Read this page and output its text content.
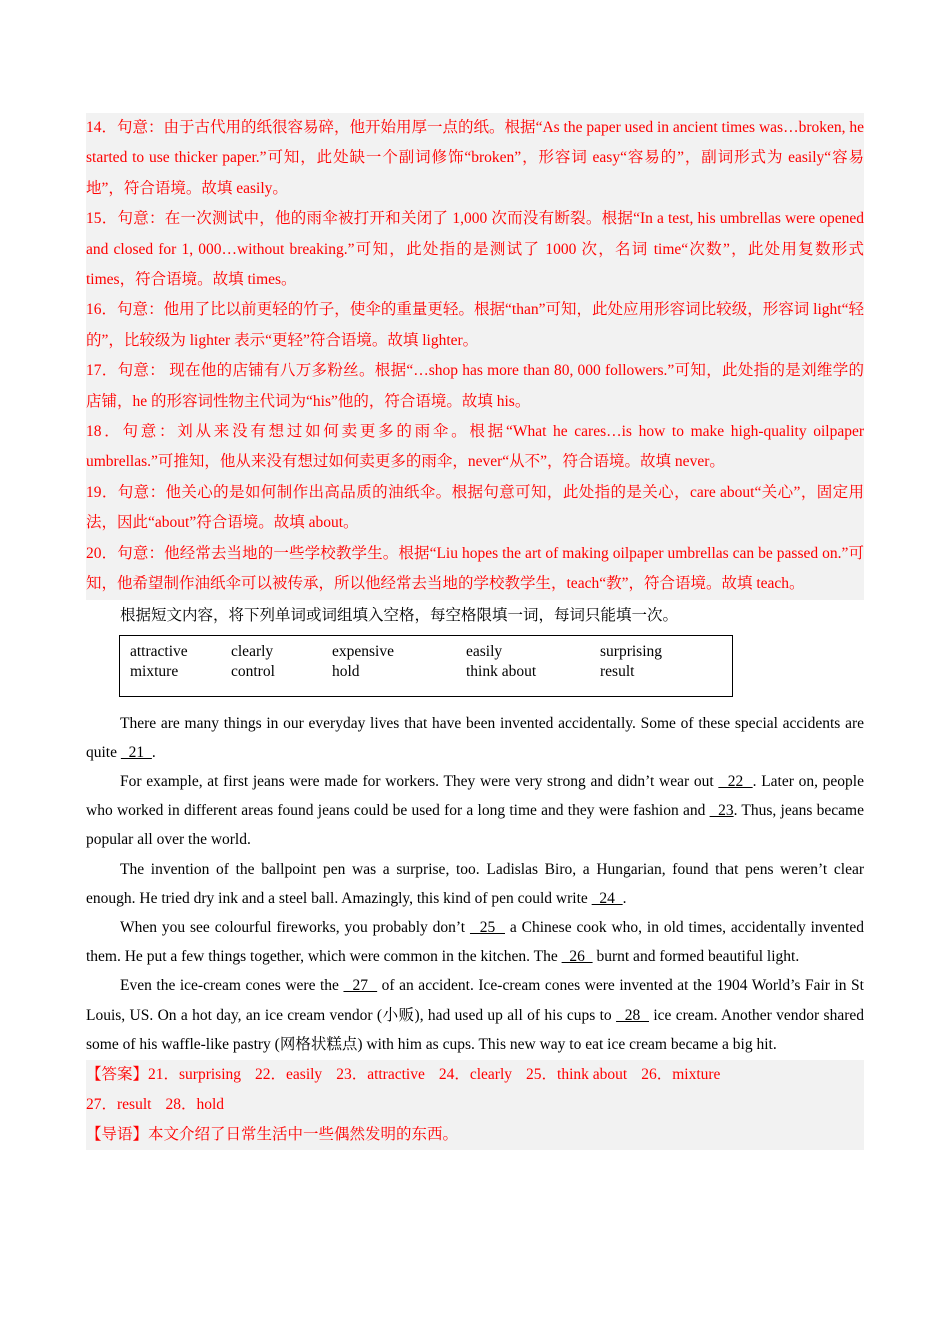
14．句意：由于古代用的纸很容易碎，他开始用厚一点的纸。根据“As the paper used in ancient times was…broken, he started to use thicker paper.”可知，此处缺一个副词修饰“broken”，形容词 easy“容易的”，副词形式为 easily“容易地”，符合语境。故填 easily。

15．句意：在一次测试中，他的雨伞被打开和关闭了 1,000 次而没有断裂。根据“In a test, his umbrellas were opened and closed for 1, 000…without breaking.”可知，此处指的是测试了 1000 次，名词 time“次数”，此处用复数形式 times，符合语境。故填 times。

16．句意：他用了比以前更轻的竹子，使伞的重量更轻。根据“than”可知，此处应用形容词比较级，形容词 light“轻的”，比较级为 lighter 表示“更轻”符合语境。故填 lighter。

17．句意： 现在他的店铺有八万多粉丝。根据“…shop has more than 80, 000 followers.”可知，此处指的是刘维学的店铺，he 的形容词性物主代词为“his”他的，符合语境。故填 his。

18．句意：刘从来没有想过如何卖更多的雨伞。根据“What he cares…is how to make high-quality oilpaper umbrellas.”可推知，他从来没有想过如何卖更多的雨伞，never“从不”，符合语境。故填 never。

19．句意：他关心的是如何制作出高品质的油纸伞。根据句意可知，此处指的是关心，care about“关心”，固定用法，因此“about”符合语境。故填 about。

20．句意：他经常去当地的一些学校教学生。根据“Liu hopes the art of making oilpaper umbrellas can be passed on.”可知，他希望制作油纸伞可以被传承，所以他经常去当地的学校教学生，teach“教”，符合语境。故填 teach。

根据短文内容，将下列单词或词组填入空格，每空格限填一词，每词只能填一次。

attractive	clearly	expensive	easily	surprising
mixture	control	hold	think about	result

There are many things in our everyday lives that have been invented accidentally. Some of these special accidents are quite   21  .

For example, at first jeans were made for workers. They were very strong and didn’t wear out   22  . Later on, people who worked in different areas found jeans could be used for a long time and they were fashion and   23. Thus, jeans became popular all over the world.

The invention of the ballpoint pen was a surprise, too. Ladislas Biro, a Hungarian, found that pens weren’t clear enough. He tried dry ink and a steel ball. Amazingly, this kind of pen could write   24  .

When you see colourful fireworks, you probably don’t   25   a Chinese cook who, in old times, accidentally invented them. He put a few things together, which were common in the kitchen. The   26   burnt and formed beautiful light.

Even the ice-cream cones were the   27   of an accident. Ice-cream cones were invented at the 1904 World’s Fair in St Louis, US. On a hot day, an ice cream vendor (小贩), had used up all of his cups to   28   ice cream. Another vendor shared some of his waffle-like pastry (网格状糕点) with him as cups. This new way to eat ice cream became a big hit.

【答案】21．surprising 22．easily 23．attractive 24．clearly 25．think about 26．mixture

27．result 28．hold

【导语】本文介绍了日常生活中一些偶然发明的东西。
